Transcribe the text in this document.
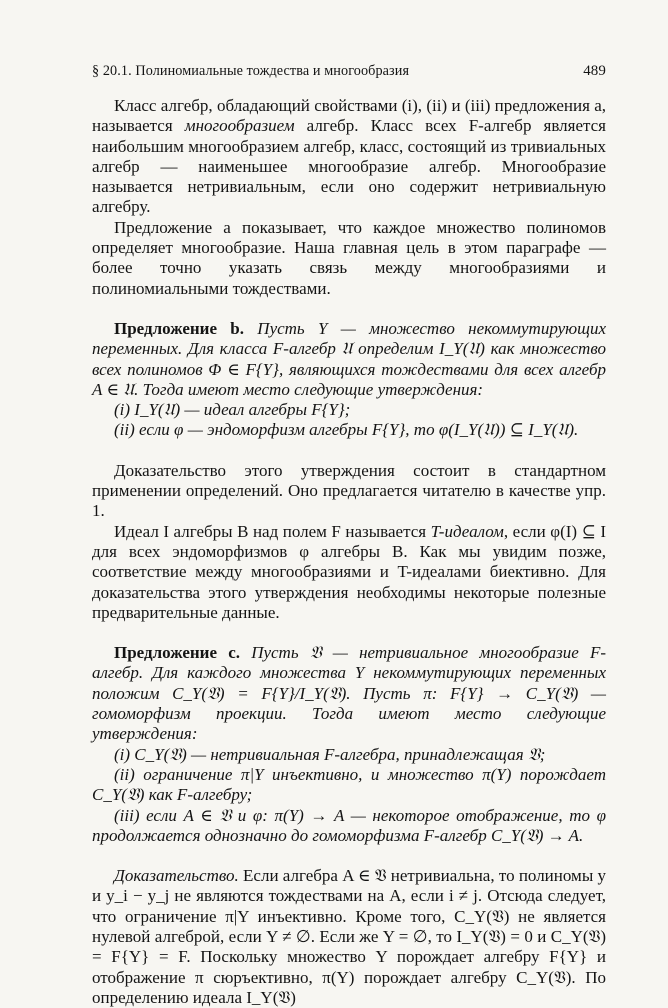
§ 20.1. Полиномиальные тождества и многообразия	489

Класс алгебр, обладающий свойствами (i), (ii) и (iii) предложения a, называется многообразием алгебр. Класс всех F-алгебр является наибольшим многообразием алгебр, класс, состоящий из тривиальных алгебр — наименьшее многообразие алгебр. Многообразие называется нетривиальным, если оно содержит нетривиальную алгебру.

Предложение a показывает, что каждое множество полиномов определяет многообразие. Наша главная цель в этом параграфе — более точно указать связь между многообразиями и полиномиальными тождествами.

Предложение b. Пусть Y — множество некоммутирующих переменных. Для класса F-алгебр 𝔘 определим I_Y(𝔘) как множество всех полиномов Φ ∈ F{Y}, являющихся тождествами для всех алгебр A ∈ 𝔘. Тогда имеют место следующие утверждения:

(i) I_Y(𝔘) — идеал алгебры F{Y};

(ii) если φ — эндоморфизм алгебры F{Y}, то φ(I_Y(𝔘)) ⊆ I_Y(𝔘).

Доказательство этого утверждения состоит в стандартном применении определений. Оно предлагается читателю в качестве упр. 1.

Идеал I алгебры B над полем F называется T-идеалом, если φ(I) ⊆ I для всех эндоморфизмов φ алгебры B. Как мы увидим позже, соответствие между многообразиями и T-идеалами биективно. Для доказательства этого утверждения необходимы некоторые полезные предварительные данные.

Предложение c. Пусть 𝔙 — нетривиальное многообразие F-алгебр. Для каждого множества Y некоммутирующих переменных положим C_Y(𝔙) = F{Y}/I_Y(𝔙). Пусть π: F{Y} → C_Y(𝔙) — гомоморфизм проекции. Тогда имеют место следующие утверждения:

(i) C_Y(𝔙) — нетривиальная F-алгебра, принадлежащая 𝔙;

(ii) ограничение π|Y инъективно, и множество π(Y) порождает C_Y(𝔙) как F-алгебру;

(iii) если A ∈ 𝔙 и φ: π(Y) → A — некоторое отображение, то φ продолжается однозначно до гомоморфизма F-алгебр C_Y(𝔙) → A.

Доказательство. Если алгебра A ∈ 𝔙 нетривиальна, то полиномы y и y_i − y_j не являются тождествами на A, если i ≠ j. Отсюда следует, что ограничение π|Y инъективно. Кроме того, C_Y(𝔙) не является нулевой алгеброй, если Y ≠ ∅. Если же Y = ∅, то I_Y(𝔙) = 0 и C_Y(𝔙) = F{Y} = F. Поскольку множество Y порождает алгебру F{Y} и отображение π сюръективно, π(Y) порождает алгебру C_Y(𝔙). По определению идеала I_Y(𝔙)
